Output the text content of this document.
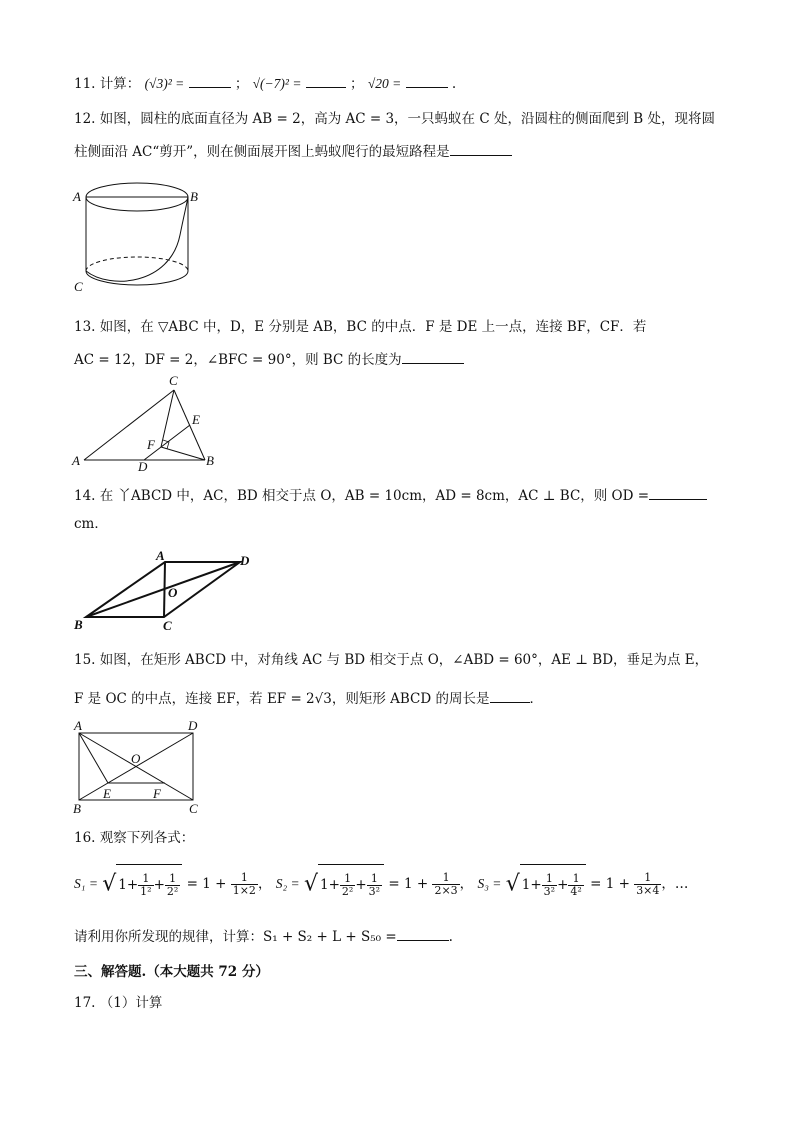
11. 计算： (√3)² =	； √(−7)² =	； √20 =	.
12. 如图，圆柱的底面直径为 AB = 2，高为 AC = 3，一只蚂蚁在 C 处，沿圆柱的侧面爬到 B 处，现将圆
柱侧面沿 AC“剪开”，则在侧面展开图上蚂蚁爬行的最短路程是
A	B
C
13. 如图，在 ▽ABC 中，D，E 分别是 AB，BC 的中点．F 是 DE 上一点，连接 BF，CF．若
AC = 12，DF = 2，∠BFC = 90°，则 BC 的长度为
A	B
C
D
E
F
14. 在 丫ABCD 中，AC，BD 相交于点 O，AB = 10cm，AD = 8cm，AC ⊥ BC，则 OD =
cm．
A	D
B	C
O
15. 如图，在矩形 ABCD 中，对角线 AC 与 BD 相交于点 O，∠ABD = 60°，AE ⊥ BD，垂足为点 E，
F 是 OC 的中点，连接 EF，若 EF = 2√3，则矩形 ABCD 的周长是	．
A	D
B	C
O
E	F
16. 观察下列各式：
S₁ = √ $1+ \frac{1}{\text{1²}} + \frac{1}{\text{2²}} = 1 + \frac{1}{1\times 2}$ ， S₂ = √ $1+ \frac{1}{\text{2²}} + \frac{1}{\text{3²}} = 1 + \frac{1}{2\times 3}$ ， S₃ = √ $1+ \frac{1}{\text{3²}} + \frac{1}{\text{4²}} = 1 + \frac{1}{3\times 4}$ ，…
请利用你所发现的规律，计算：S₁ + S₂ + L + S₅₀ =	.
三、解答题.（本大题共 72 分）
17. （1）计算
